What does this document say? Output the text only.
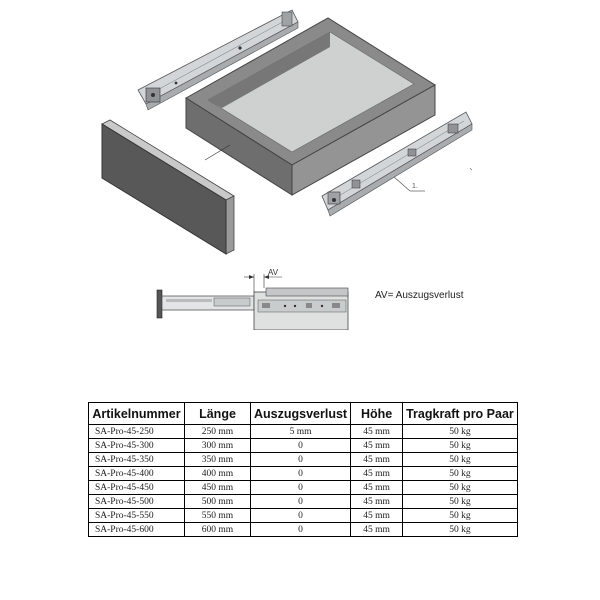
1.
AV
AV= Auszugsverlust
Artikelnummer	Länge	Auszugsverlust	Höhe	Tragkraft pro Paar
SA-Pro-45-250	250 mm	5 mm	45 mm	50 kg
SA-Pro-45-300	300 mm	0	45 mm	50 kg
SA-Pro-45-350	350 mm	0	45 mm	50 kg
SA-Pro-45-400	400 mm	0	45 mm	50 kg
SA-Pro-45-450	450 mm	0	45 mm	50 kg
SA-Pro-45-500	500 mm	0	45 mm	50 kg
SA-Pro-45-550	550 mm	0	45 mm	50 kg
SA-Pro-45-600	600 mm	0	45 mm	50 kg
